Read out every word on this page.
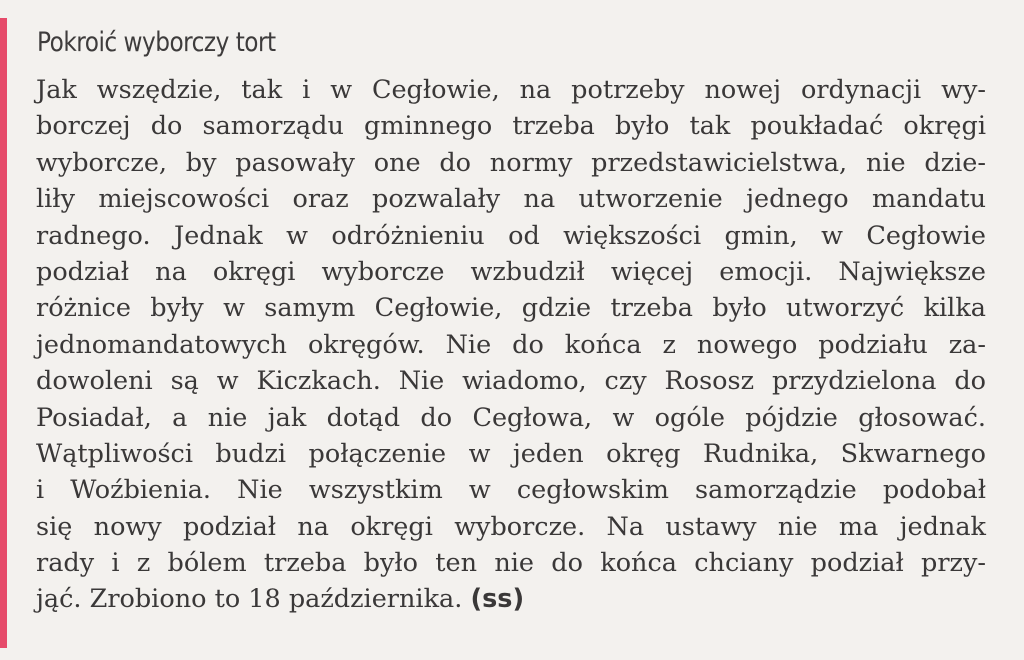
Pokroić wyborczy tort
Jak wszędzie, tak i w Cegłowie, na potrzeby nowej ordynacji wy-
borczej do samorządu gminnego trzeba było tak poukładać okręgi
wyborcze, by pasowały one do normy przedstawicielstwa, nie dzie-
liły miejscowości oraz pozwalały na utworzenie jednego mandatu
radnego. Jednak w odróżnieniu od większości gmin, w Cegłowie
podział na okręgi wyborcze wzbudził więcej emocji. Największe
różnice były w samym Cegłowie, gdzie trzeba było utworzyć kilka
jednomandatowych okręgów. Nie do końca z nowego podziału za-
dowoleni są w Kiczkach. Nie wiadomo, czy Rososz przydzielona do
Posiadał, a nie jak dotąd do Cegłowa, w ogóle pójdzie głosować.
Wątpliwości budzi połączenie w jeden okręg Rudnika, Skwarnego
i Woźbienia. Nie wszystkim w cegłowskim samorządzie podobał
się nowy podział na okręgi wyborcze. Na ustawy nie ma jednak
rady i z bólem trzeba było ten nie do końca chciany podział przy-
jąć. Zrobiono to 18 października. (ss)
